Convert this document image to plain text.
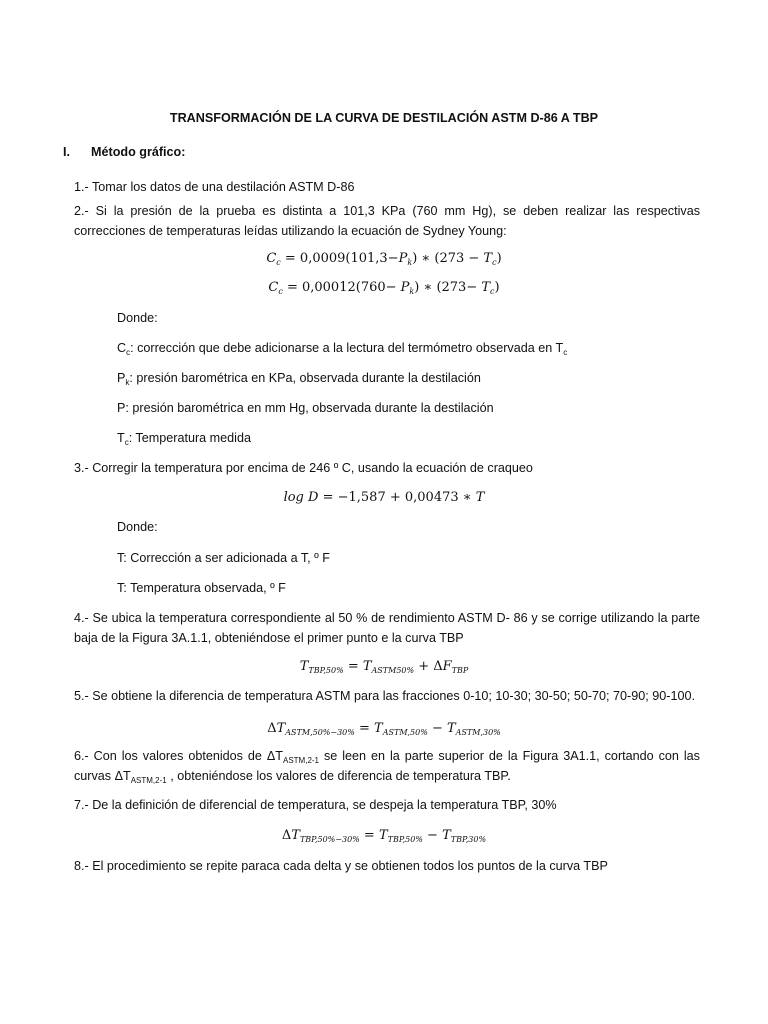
TRANSFORMACIÓN DE LA CURVA DE DESTILACIÓN ASTM D-86 A TBP
I. Método gráfico:
1.- Tomar los datos de una destilación ASTM D-86
2.- Si la presión de la prueba es distinta a 101,3 KPa (760 mm Hg), se deben realizar las respectivas correcciones de temperaturas leídas utilizando la ecuación de Sydney Young:
$C_c = 0,0009(101,3-P_k)$ ∗ $(273 - T_c)$
$C_c = 0,00012(760- P_k)$ ∗ $(273- T_c)$
Donde:
$C_c$: corrección que debe adicionarse a la lectura del termómetro observada en $T_c$
$P_k$: presión barométrica en KPa, observada durante la destilación
P: presión barométrica en mm Hg, observada durante la destilación
$T_c$: Temperatura medida
3.- Corregir la temperatura por encima de 246 º C, usando la ecuación de craqueo
log D = −1,587 + 0,00473 ∗ T
Donde:
T: Corrección a ser adicionada a T, º F
T: Temperatura observada, º F
4.- Se ubica la temperatura correspondiente al 50 % de rendimiento ASTM D- 86 y se corrige utilizando la parte baja de la Figura 3A.1.1, obteniéndose el primer punto e la curva TBP
$T_{TBP,50\%} = T_{ASTM50\%} + \Delta F_{TBP}$
5.- Se obtiene la diferencia de temperatura ASTM para las fracciones 0-10; 10-30; 30-50; 50-70; 70-90; 90-100.
$\Delta T_{ASTM,50\%-30\%} = T_{ASTM,50\%} - T_{ASTM,30\%}$
6.- Con los valores obtenidos de $\Delta T_{ASTM,2-1}$ se leen en la parte superior de la Figura 3A1.1, cortando con las curvas $\Delta T_{ASTM,2-1}$ , obteniéndose los valores de diferencia de temperatura TBP.
7.- De la definición de diferencial de temperatura, se despeja la temperatura TBP, 30%
$\Delta T_{TBP,50\%-30\%} = T_{TBP,50\%} - T_{TBP,30\%}$
8.- El procedimiento se repite paraca cada delta y se obtienen todos los puntos de la curva TBP
